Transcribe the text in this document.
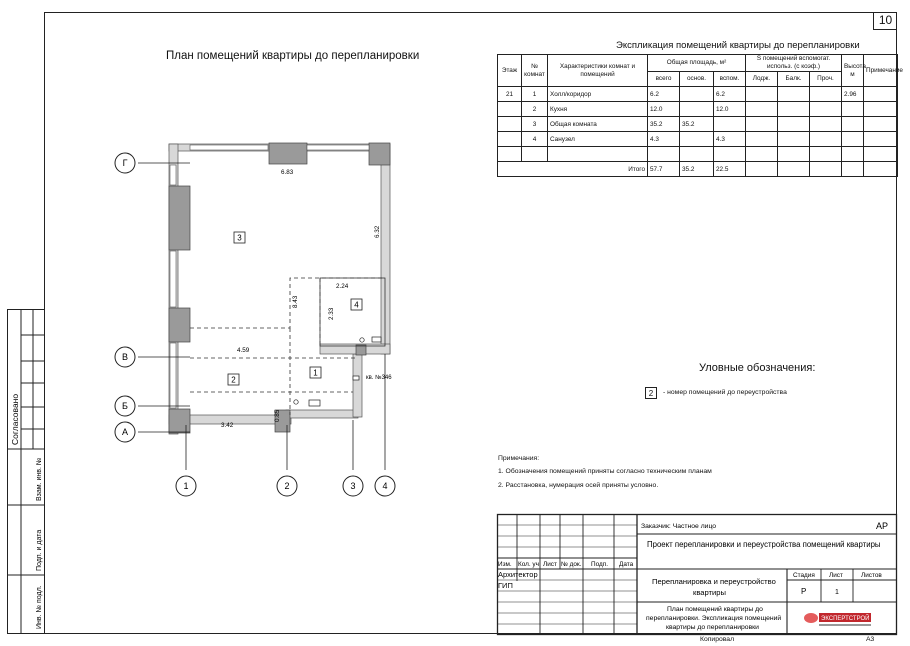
10
Согласовано
Взам. инв. №
Подп. и дата
Инв. № подл.
План помещений квартиры до перепланировки
Г
В
Б
А
1	2	3	4
6.83
6.32
2.24
8.43
2.33
4.59
3.42
0.85
кв. №346
3
2
1
4
Экспликация помещений квартиры до перепланировки
Этаж	№ комнат	Характеристики комнат и помещений	Общая площадь, м²			S помещений вспомогат. использ. (с коэф.)			Высота, м	Примечание
			всего	основ.	вспом.	Лодж.	Балк.	Проч.		
21	1	Холл/коридор	6.2		6.2				2.96	
	2	Кухня	12.0		12.0					
	3	Общая комната	35.2	35.2						
	4	Санузел	4.3		4.3					

Итого			57.7	35.2	22.5					
Уловные обозначения:
2	- номер помещений до переустройства
Примечания:
1. Обозначения помещений приняты согласно техническим планам
2. Расстановка, нумерация осей приняты условно.
Изм. Кол. уч Лист № док. Подп. Дата
Архитектор
ГИП
Заказчик: Частное лицо	АР
Проект перепланировки и переустройства помещений квартиры
Перепланировка и переустройство
квартиры
Стадия Лист	Листов
Р	1
План помещений квартиры до
перепланировки. Экспликация помещений
квартиры до перепланировки
ЭКСПЕРТСТРОЙ
Копировал	А3
